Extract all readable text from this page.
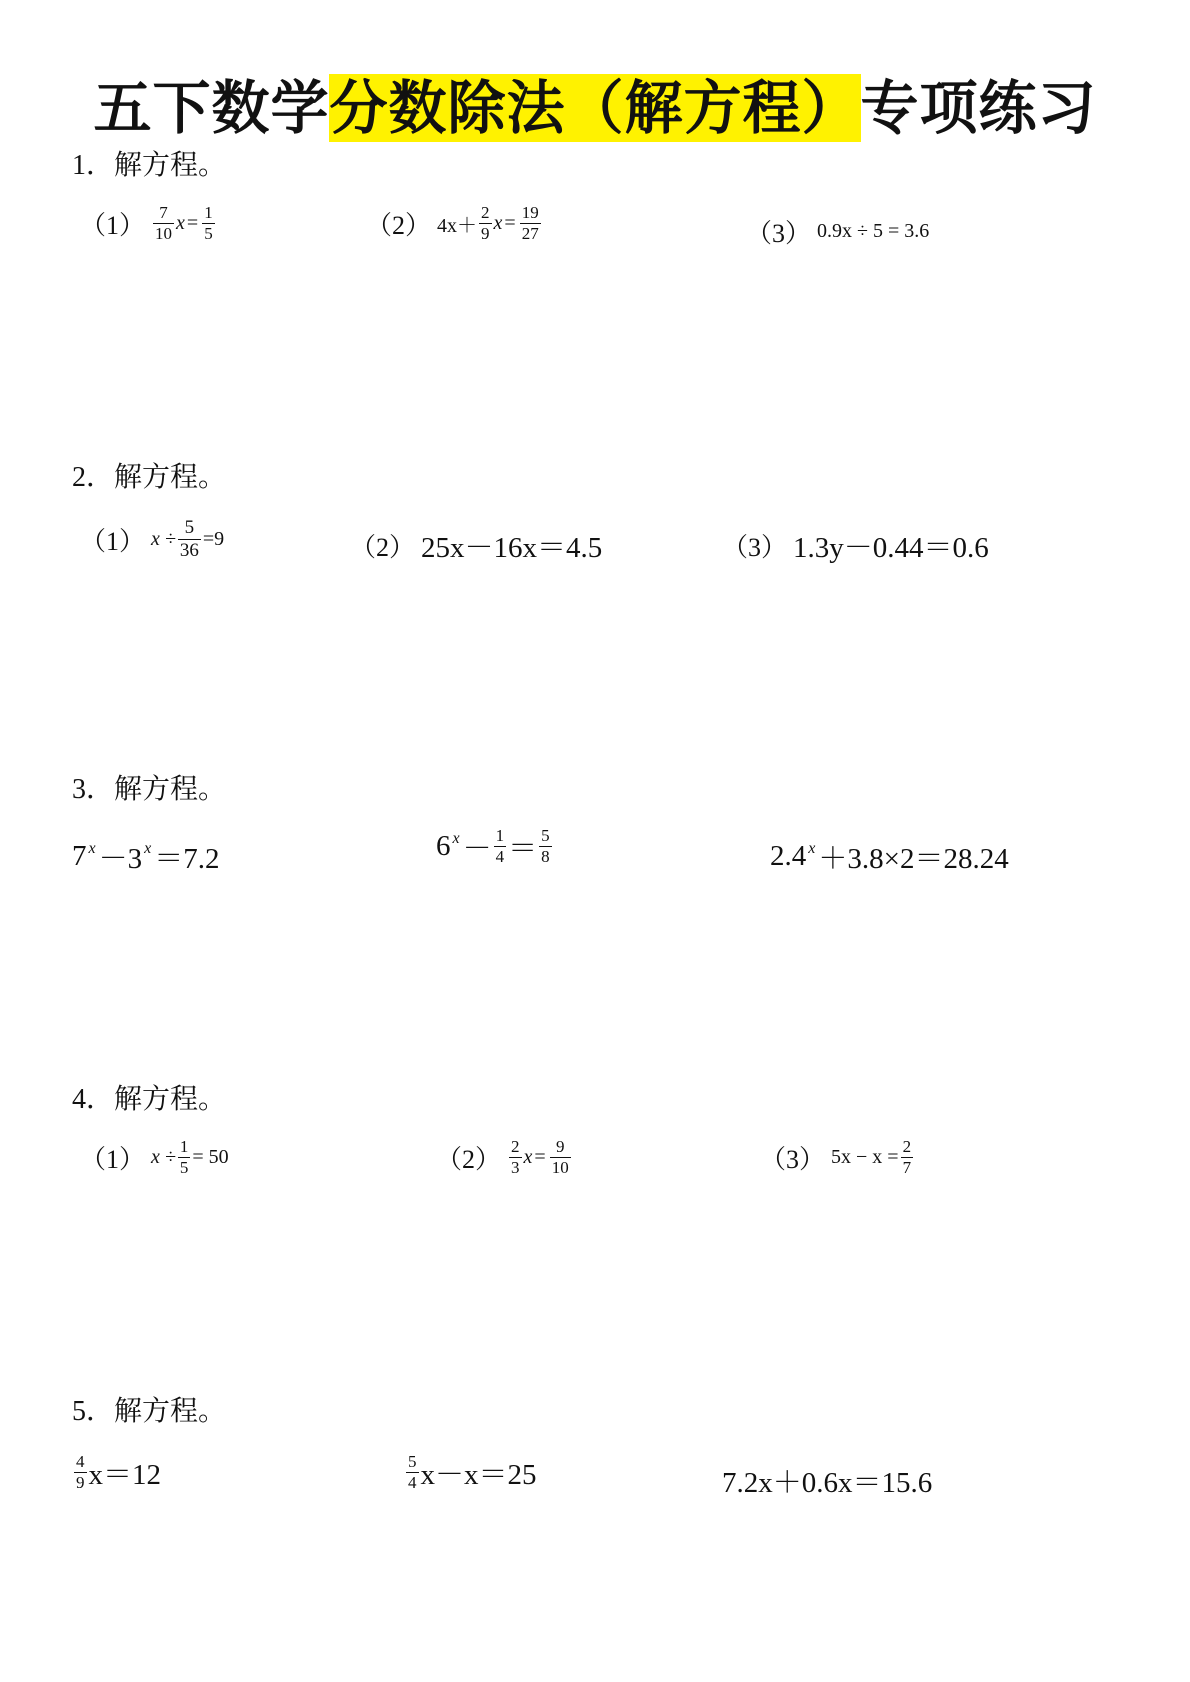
五下数学分数除法（解方程）专项练习
1．解方程。
$(1) \frac{7}{10}$ $x = \frac{1}{5}$	（2） $4x+ \frac{2}{9}$ $x = \frac{19}{27}$	（3） 0.9x ÷ 5 = 3.6
2．解方程。
（1） $x \div \frac{5}{36} =9$	（2） 25x－16x＝4.5	（3） 1.3y－0.44＝0.6
3．解方程。
7 x －3 x ＝7.2	6 $x - \frac{1}{4} = \frac{5}{8}$	2.4 x ＋3.8×2＝28.24
4．解方程。
（1） $x \div \frac{1}{5} = 50$	$(2) \frac{2}{3}$ $x = \frac{9}{10}$	（3） $5x - x = \frac{2}{7}$
5．解方程。
$\frac{4}{9} x=12$	$\frac{5}{4} x-x=25$	7.2x＋0.6x＝15.6
